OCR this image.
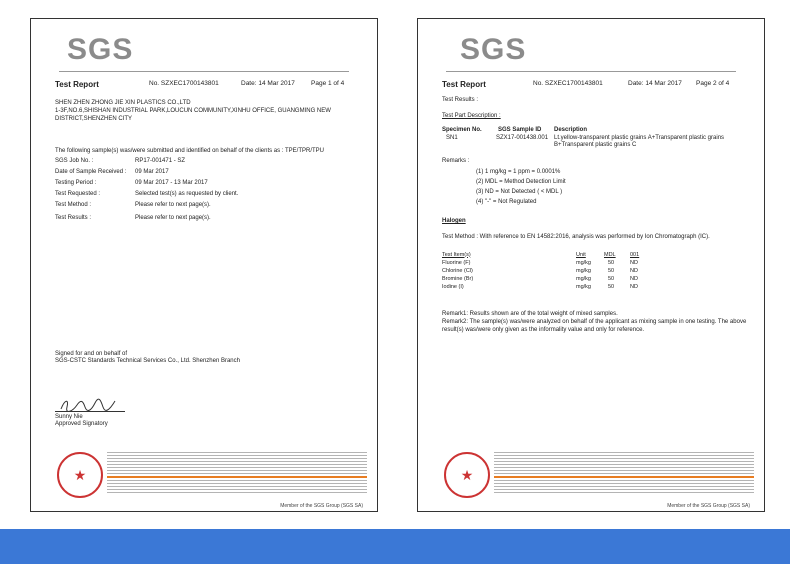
SGS
Test Report	No. SZXEC1700143801	Date: 14 Mar 2017 Page 1 of 4
SHEN ZHEN ZHONG JIE XIN PLASTICS CO.,LTD
1-3F,NO.6,SHISHAN INDUSTRIAL PARK,LOUCUN COMMUNITY,XINHU OFFICE, GUANGMING NEW DISTRICT,SHENZHEN CITY
The following sample(s) was/were submitted and identified on behalf of the clients as : TPE/TPR/TPU
SGS Job No. :	RP17-001471 - SZ
Date of Sample Received : 09 Mar 2017
Testing Period :	09 Mar 2017 - 13 Mar 2017
Test Requested :	Selected test(s) as requested by client.
Test Method :	Please refer to next page(s).
Test Results :	Please refer to next page(s).
Signed for and on behalf of
SGS-CSTC Standards Technical Services Co., Ltd. Shenzhen Branch
Sunny Nie
Approved Signatory
★
Member of the SGS Group (SGS SA)
SGS
Test Report	No. SZXEC1700143801	Date: 14 Mar 2017 Page 2 of 4
Test Results :
Test Part Description :
Specimen No.	SGS Sample ID Description
SN1	SZX17-001438.001 Lt.yellow-transparent plastic grains A+Transparent plastic grains
B+Transparent plastic grains C
Remarks :
(1) 1 mg/kg = 1 ppm = 0.0001%
(2) MDL = Method Detection Limit
(3) ND = Not Detected ( < MDL )
(4) "-" = Not Regulated
Halogen
Test Method : With reference to EN 14582:2016, analysis was performed by Ion Chromatograph (IC).
Test Item(s)	Unit	MDL	001
Fluorine (F)	mg/kg	50	ND
Chlorine (Cl)	mg/kg	50	ND
Bromine (Br)	mg/kg	50	ND
Iodine (I)	mg/kg	50	ND
Remark1: Results shown are of the total weight of mixed samples.
Remark2: The sample(s) was/were analyzed on behalf of the applicant as mixing sample in one testing. The above result(s) was/were only given as the informality value and only for reference.
★
Member of the SGS Group (SGS SA)
